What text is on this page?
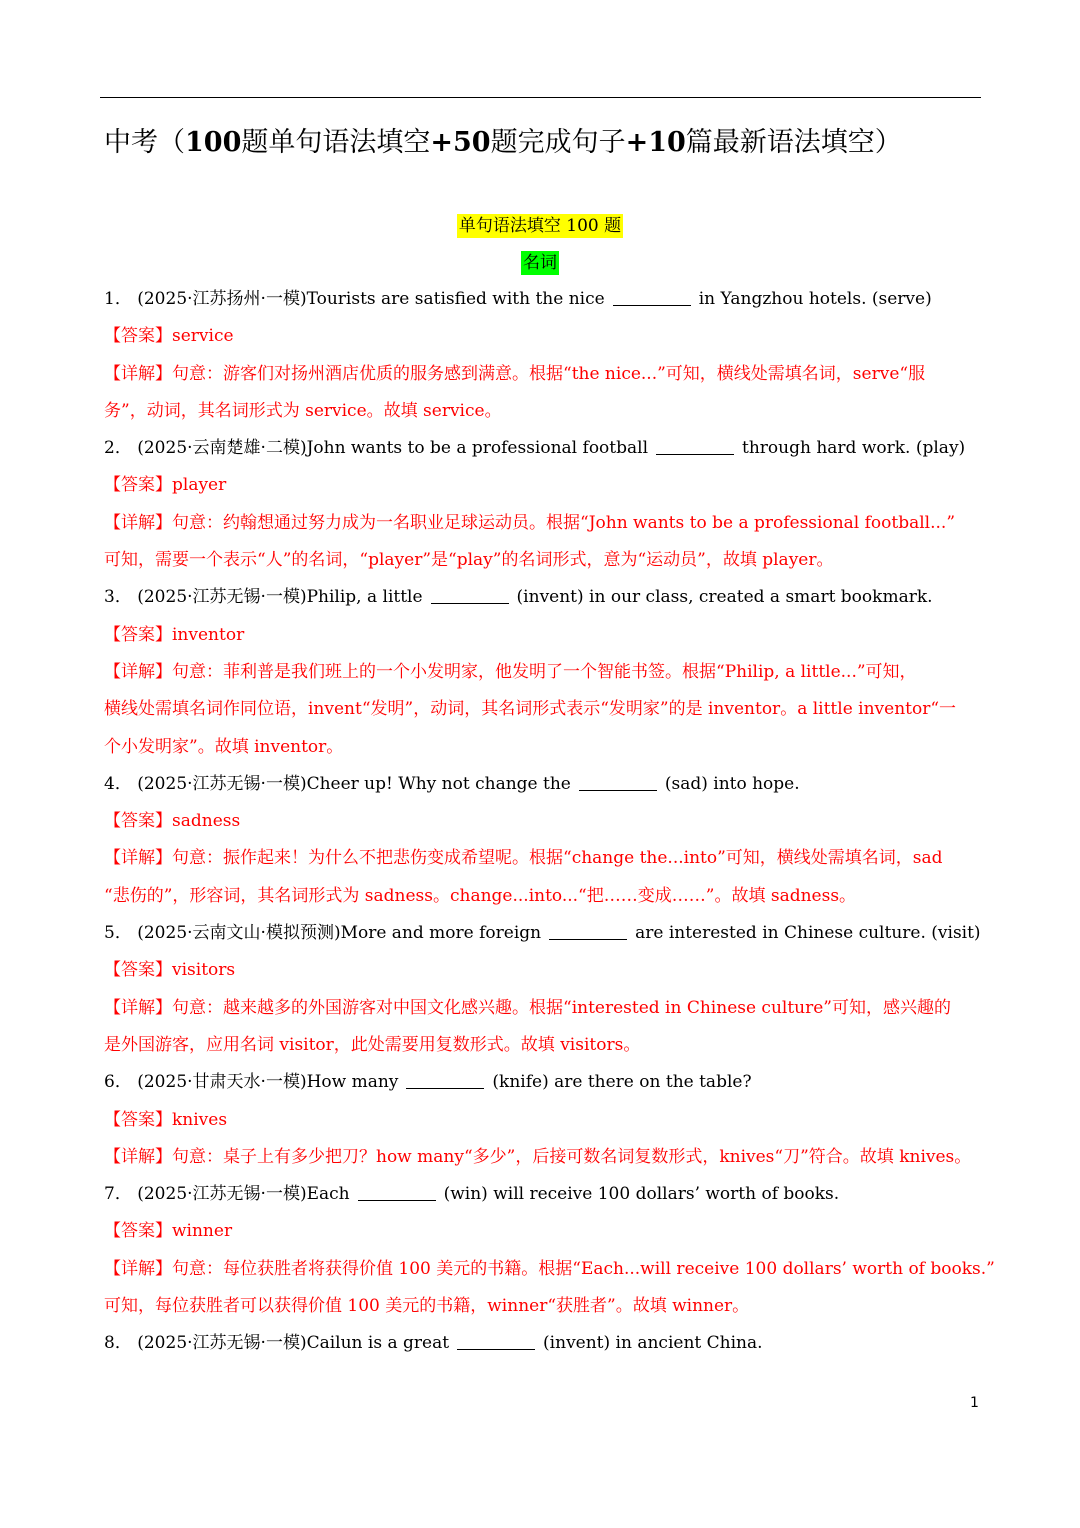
中考（100题单句语法填空+50题完成句子+10篇最新语法填空）
单句语法填空 100 题
名词
1． (2025·江苏扬州·一模)Tourists are satisfied with the nice	in Yangzhou hotels. (serve)
【答案】service
【详解】句意：游客们对扬州酒店优质的服务感到满意。根据“the nice...”可知，横线处需填名词，serve“服
务”，动词，其名词形式为 service。故填 service。
2． (2025·云南楚雄·二模)John wants to be a professional football	through hard work. (play)
【答案】player
【详解】句意：约翰想通过努力成为一名职业足球运动员。根据“John wants to be a professional football...”
可知，需要一个表示“人”的名词，“player”是“play”的名词形式，意为“运动员”，故填 player。
3． (2025·江苏无锡·一模)Philip, a little	(invent) in our class, created a smart bookmark.
【答案】inventor
【详解】句意：菲利普是我们班上的一个小发明家，他发明了一个智能书签。根据“Philip, a little...”可知，
横线处需填名词作同位语，invent“发明”，动词，其名词形式表示“发明家”的是 inventor。a little inventor“一
个小发明家”。故填 inventor。
4． (2025·江苏无锡·一模)Cheer up! Why not change the	(sad) into hope.
【答案】sadness
【详解】句意：振作起来！为什么不把悲伤变成希望呢。根据“change the...into”可知，横线处需填名词，sad
“悲伤的”，形容词，其名词形式为 sadness。change...into...“把……变成……”。故填 sadness。
5． (2025·云南文山·模拟预测)More and more foreign	are interested in Chinese culture. (visit)
【答案】visitors
【详解】句意：越来越多的外国游客对中国文化感兴趣。根据“interested in Chinese culture”可知，感兴趣的
是外国游客，应用名词 visitor，此处需要用复数形式。故填 visitors。
6． (2025·甘肃天水·一模)How many	(knife) are there on the table?
【答案】knives
【详解】句意：桌子上有多少把刀？how many“多少”，后接可数名词复数形式，knives“刀”符合。故填 knives。
7． (2025·江苏无锡·一模)Each	(win) will receive 100 dollars’ worth of books.
【答案】winner
【详解】句意：每位获胜者将获得价值 100 美元的书籍。根据“Each...will receive 100 dollars’ worth of books.”
可知，每位获胜者可以获得价值 100 美元的书籍，winner“获胜者”。故填 winner。
8． (2025·江苏无锡·一模)Cailun is a great	(invent) in ancient China.
1
